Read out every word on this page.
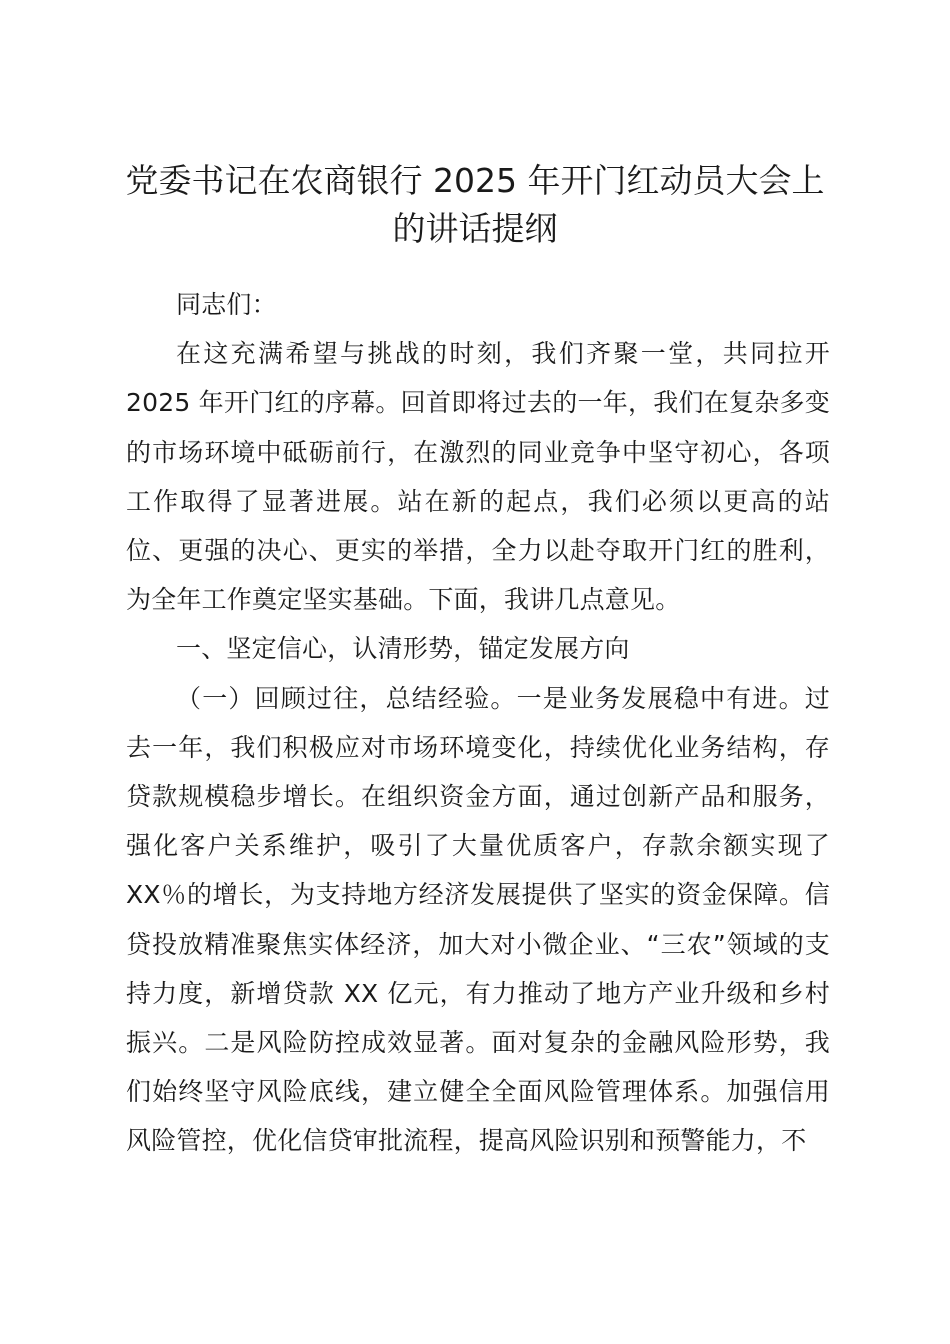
党委书记在农商银行 2025 年开门红动员大会上的讲话提纲

同志们：

在这充满希望与挑战的时刻，我们齐聚一堂，共同拉开 2025 年开门红的序幕。回首即将过去的一年，我们在复杂多变的市场环境中砥砺前行，在激烈的同业竞争中坚守初心，各项工作取得了显著进展。站在新的起点，我们必须以更高的站位、更强的决心、更实的举措，全力以赴夺取开门红的胜利，为全年工作奠定坚实基础。下面，我讲几点意见。

一、坚定信心，认清形势，锚定发展方向

（一）回顾过往，总结经验。一是业务发展稳中有进。过去一年，我们积极应对市场环境变化，持续优化业务结构，存贷款规模稳步增长。在组织资金方面，通过创新产品和服务，强化客户关系维护，吸引了大量优质客户，存款余额实现了 XX％的增长，为支持地方经济发展提供了坚实的资金保障。信贷投放精准聚焦实体经济，加大对小微企业、“三农”领域的支持力度，新增贷款 XX 亿元，有力推动了地方产业升级和乡村振兴。二是风险防控成效显著。面对复杂的金融风险形势，我们始终坚守风险底线，建立健全全面风险管理体系。加强信用风险管控，优化信贷审批流程，提高风险识别和预警能力，不
